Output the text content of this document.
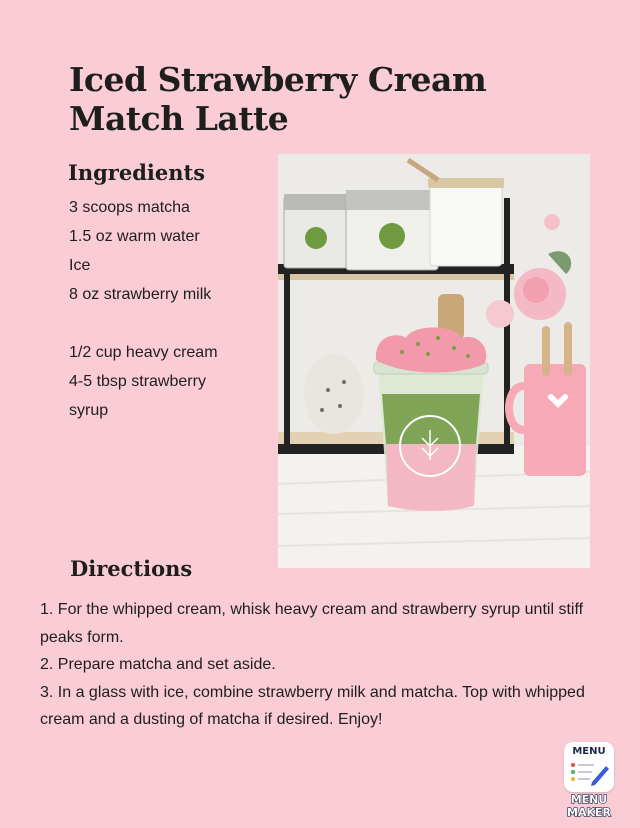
Iced Strawberry Cream
Match Latte
Ingredients
3 scoops matcha
1.5 oz warm water
Ice
8 oz strawberry milk
1/2 cup heavy cream
4-5 tbsp strawberry syrup
Directions
1. For the whipped cream, whisk heavy cream and strawberry syrup until stiff peaks form.
2. Prepare matcha and set aside.
3. In a glass with ice, combine strawberry milk and matcha. Top with whipped cream and a dusting of matcha if desired. Enjoy!
MENU
MENU
MAKER
